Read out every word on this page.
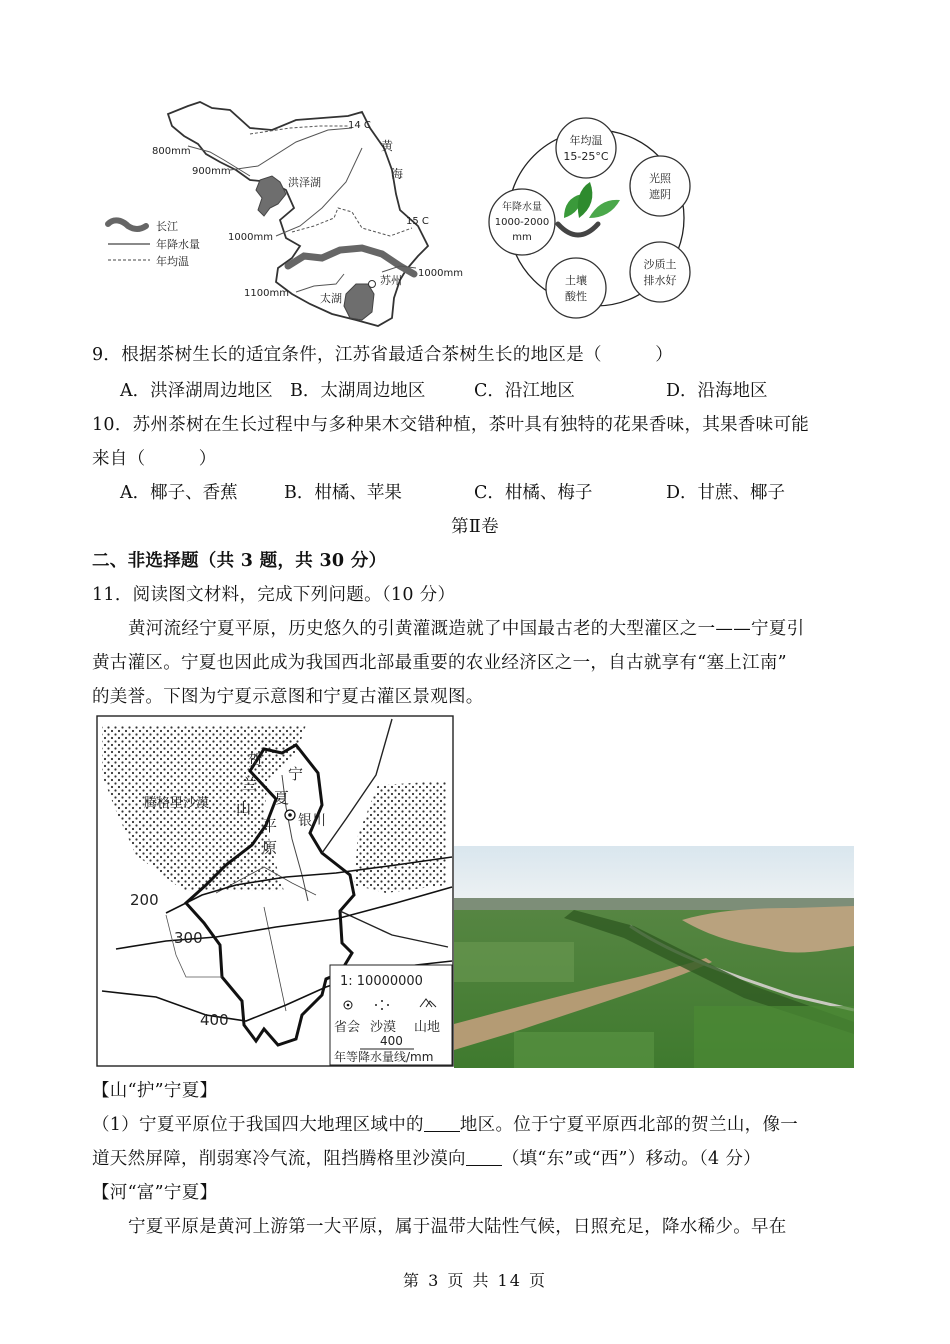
14 C
黄
海
800mm
900mm
洪泽湖
15 C
1000mm
苏州
1000mm
1100mm	太湖
长江
年降水量
年均温
年均温
15-25°C
光照
遮阴
沙质土
排水好
土壤
酸性
年降水量
1000-2000
mm
9．根据茶树生长的适宜条件，江苏省最适合茶树生长的地区是（　　　）
A．洪泽湖周边地区 B．太湖周边地区	C．沿江地区	D．沿海地区
10．苏州茶树在生长过程中与多种果木交错种植，茶叶具有独特的花果香味，其果香味可能
来自（　　　）
A．椰子、香蕉	B．柑橘、苹果	C．柑橘、梅子	D．甘蔗、椰子
第Ⅱ卷
二、非选择题（共 3 题，共 30 分）
11．阅读图文材料，完成下列问题。（10 分）
黄河流经宁夏平原，历史悠久的引黄灌溉造就了中国最古老的大型灌区之一——宁夏引
黄古灌区。宁夏也因此成为我国西北部最重要的农业经济区之一，自古就享有“塞上江南”
的美誉。下图为宁夏示意图和宁夏古灌区景观图。
腾格里沙漠
贺
兰
山
宁
夏
平
原
银川
200
300
400
1: 10000000
省会 沙漠 山地
400
年等降水量线/mm
【山“护”宁夏】
（1）宁夏平原位于我国四大地理区域中的 地区。位于宁夏平原西北部的贺兰山，像一
道天然屏障，削弱寒冷气流，阻挡腾格里沙漠向 （填“东”或“西”）移动。（4 分）
【河“富”宁夏】
宁夏平原是黄河上游第一大平原，属于温带大陆性气候，日照充足，降水稀少。早在
第 3 页 共 14 页
